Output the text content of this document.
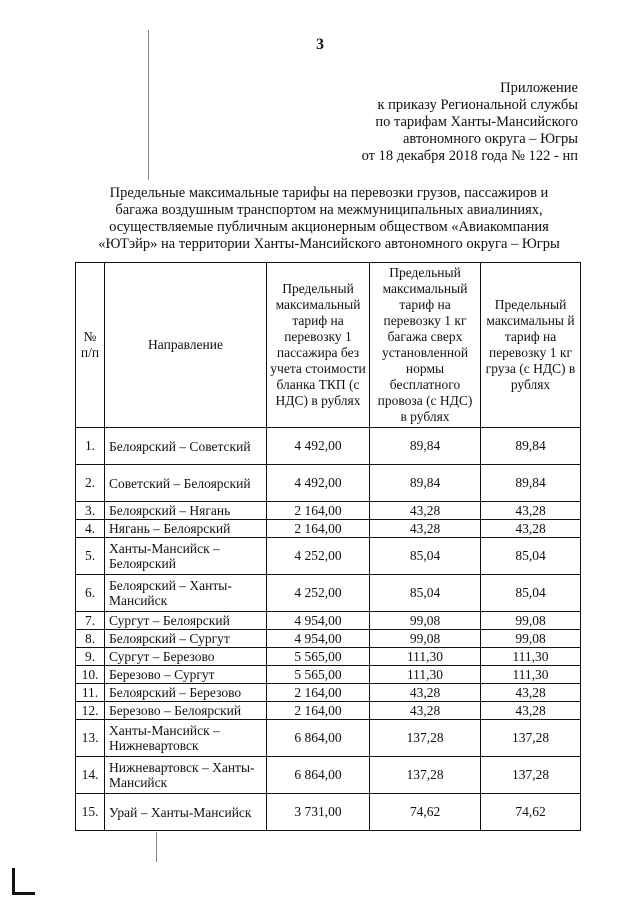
3
Приложение
к приказу Региональной службы
по тарифам Ханты-Мансийского
автономного округа – Югры
от 18 декабря 2018 года № 122 - нп
Предельные максимальные тарифы на перевозки грузов, пассажиров и багажа воздушным транспортом на межмуниципальных авиалиниях, осуществляемые публичным акционерным обществом «Авиакомпания «ЮТэйр» на территории Ханты-Мансийского автономного округа – Югры
№ п/п	Направление	Предельный максимальный тариф на перевозку 1 пассажира без учета стоимости бланка ТКП (с НДС) в рублях	Предельный максимальный тариф на перевозку 1 кг багажа сверх установленной нормы бесплатного провоза (с НДС) в рублях	Предельный максимальны й тариф на перевозку 1 кг груза (с НДС) в рублях
1.	Белоярский – Советский	4 492,00	89,84	89,84
2.	Советский – Белоярский	4 492,00	89,84	89,84
3.	Белоярский – Нягань	2 164,00	43,28	43,28
4.	Нягань – Белоярский	2 164,00	43,28	43,28
5.	Ханты-Мансийск – Белоярский	4 252,00	85,04	85,04
6.	Белоярский – Ханты-Мансийск	4 252,00	85,04	85,04
7.	Сургут – Белоярский	4 954,00	99,08	99,08
8.	Белоярский – Сургут	4 954,00	99,08	99,08
9.	Сургут – Березово	5 565,00	111,30	111,30
10.	Березово – Сургут	5 565,00	111,30	111,30
11.	Белоярский – Березово	2 164,00	43,28	43,28
12.	Березово – Белоярский	2 164,00	43,28	43,28
13.	Ханты-Мансийск – Нижневартовск	6 864,00	137,28	137,28
14.	Нижневартовск – Ханты-Мансийск	6 864,00	137,28	137,28
15.	Урай – Ханты-Мансийск	3 731,00	74,62	74,62
